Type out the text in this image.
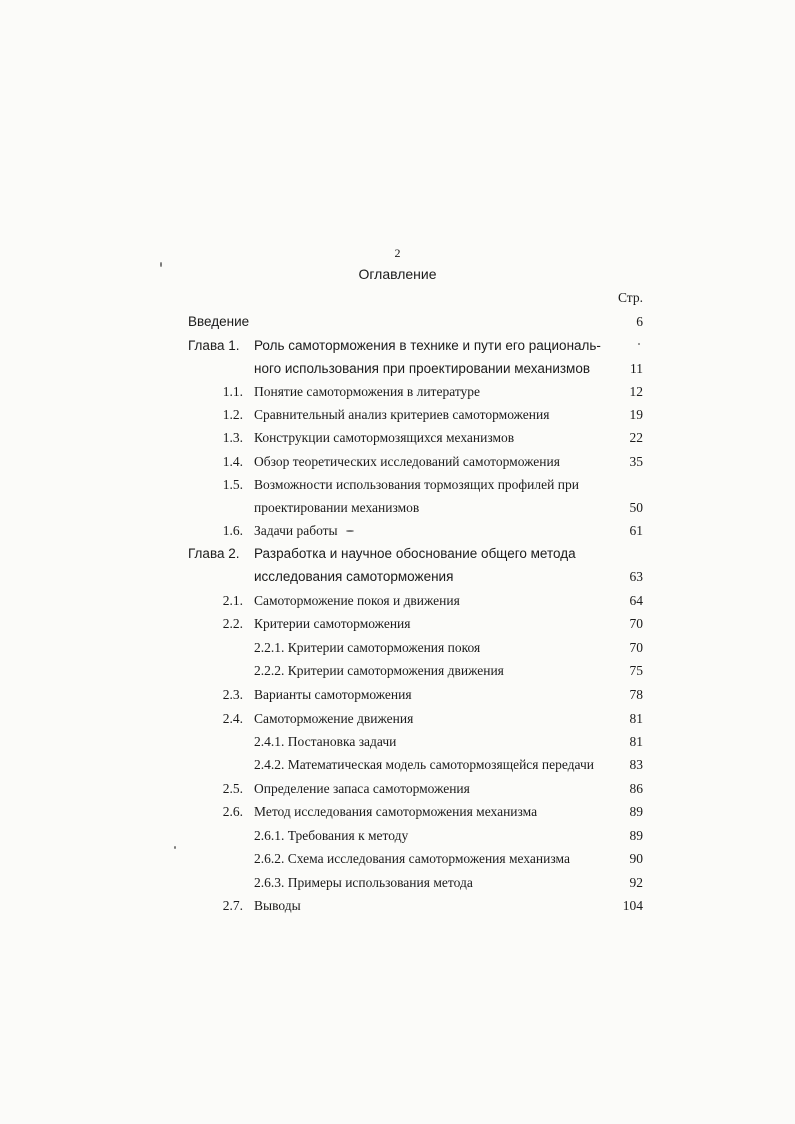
2
Оглавление
Стр.
Введение	6
Глава 1. Роль самоторможения в технике и пути его рациональ-
ного использования при проектировании механизмов	11
1.1. Понятие самоторможения в литературе	12
1.2. Сравнительный анализ критериев самоторможения	19
1.3. Конструкции самотормозящихся механизмов	22
1.4. Обзор теоретических исследований самоторможения	35
1.5. Возможности использования тормозящих профилей при
проектировании механизмов	50
1.6. Задачи работы	61
Глава 2. Разработка и научное обоснование общего метода
исследования самоторможения	63
2.1. Самоторможение покоя и движения	64
2.2. Критерии самоторможения	70
2.2.1. Критерии самоторможения покоя	70
2.2.2. Критерии самоторможения движения	75
2.3. Варианты самоторможения	78
2.4. Самоторможение движения	81
2.4.1. Постановка задачи	81
2.4.2. Математическая модель самотормозящейся передачи	83
2.5. Определение запаса самоторможения	86
2.6. Метод исследования самоторможения механизма	89
2.6.1. Требования к методу	89
2.6.2. Схема исследования самоторможения механизма	90
2.6.3. Примеры использования метода	92
2.7. Выводы	104
